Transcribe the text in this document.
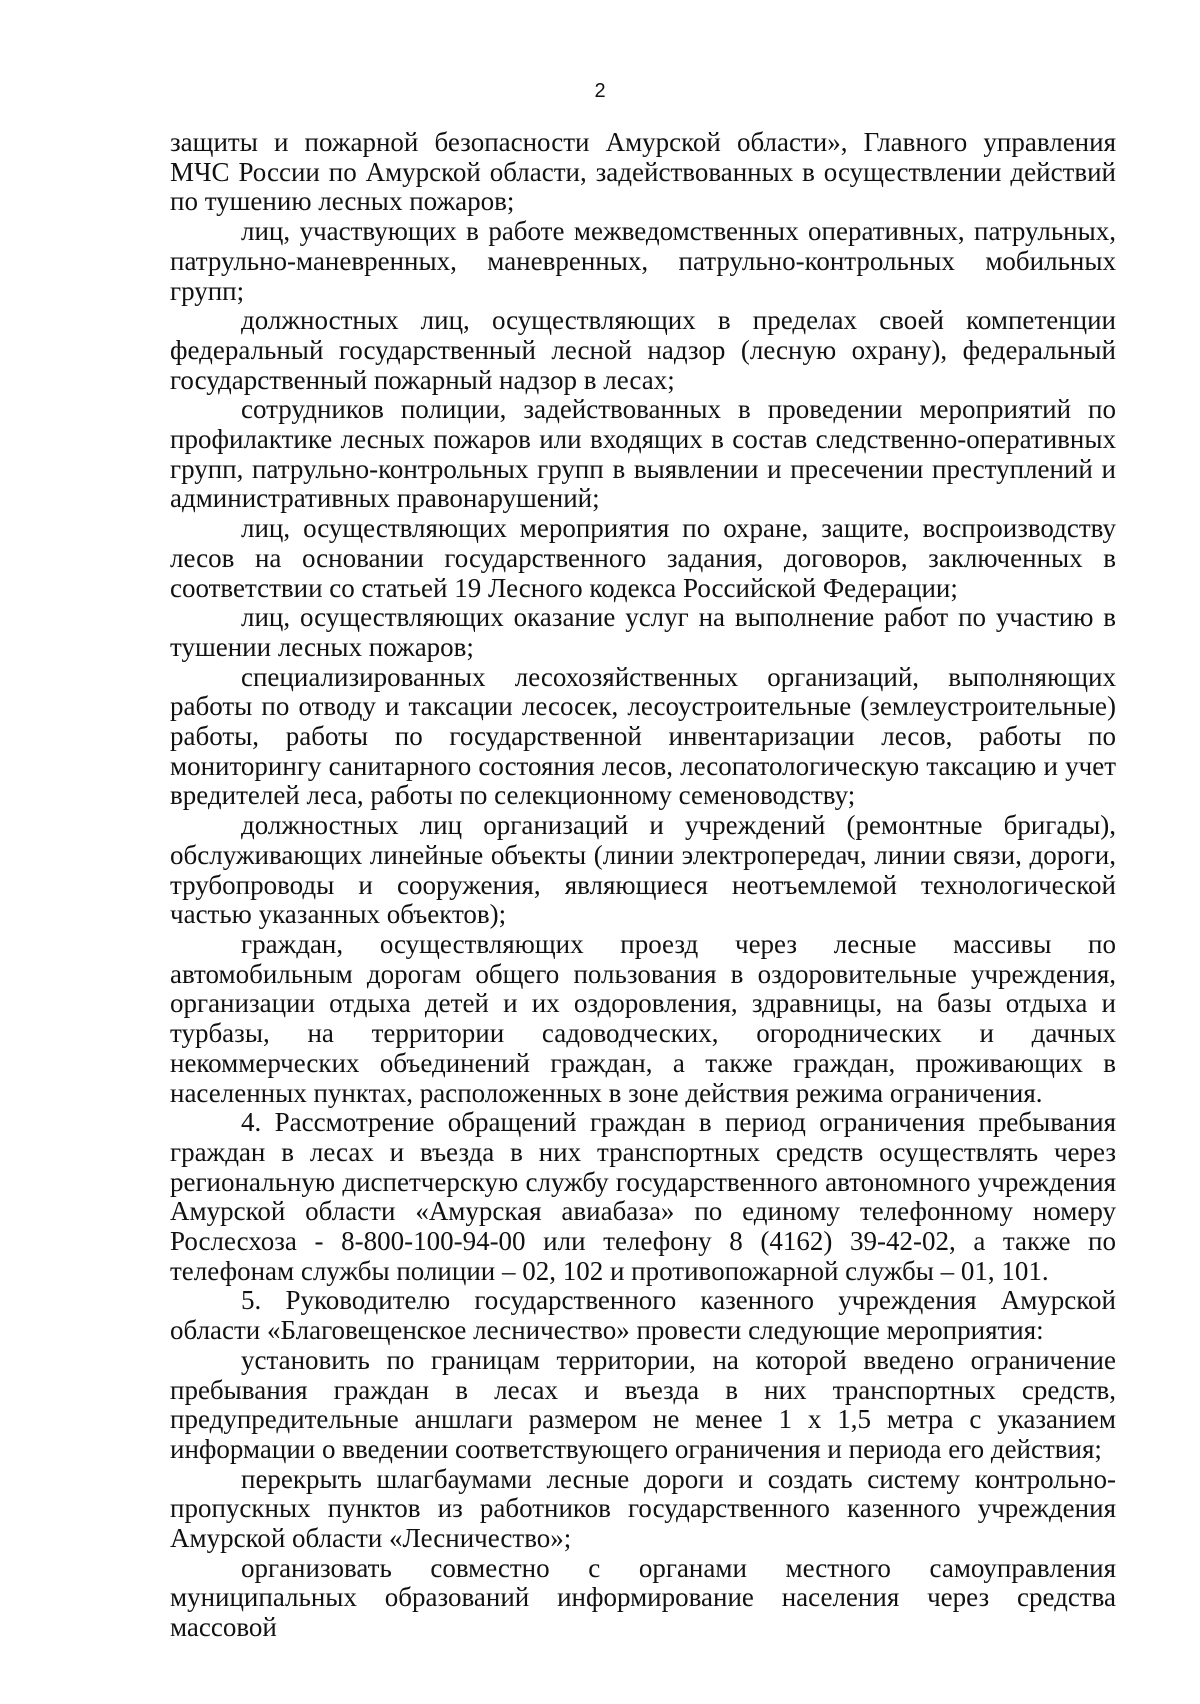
2

защиты и пожарной безопасности Амурской области», Главного управления МЧС России по Амурской области, задействованных в осуществлении действий по тушению лесных пожаров;

лиц, участвующих в работе межведомственных оперативных, патрульных, патрульно-маневренных, маневренных, патрульно-контрольных мобильных групп;

должностных лиц, осуществляющих в пределах своей компетенции федеральный государственный лесной надзор (лесную охрану), федеральный государственный пожарный надзор в лесах;

сотрудников полиции, задействованных в проведении мероприятий по профилактике лесных пожаров или входящих в состав следственно-оперативных групп, патрульно-контрольных групп в выявлении и пресечении преступлений и административных правонарушений;

лиц, осуществляющих мероприятия по охране, защите, воспроизводству лесов на основании государственного задания, договоров, заключенных в соответствии со статьей 19 Лесного кодекса Российской Федерации;

лиц, осуществляющих оказание услуг на выполнение работ по участию в тушении лесных пожаров;

специализированных лесохозяйственных организаций, выполняющих работы по отводу и таксации лесосек, лесоустроительные (землеустроительные) работы, работы по государственной инвентаризации лесов, работы по мониторингу санитарного состояния лесов, лесопатологическую таксацию и учет вредителей леса, работы по селекционному семеноводству;

должностных лиц организаций и учреждений (ремонтные бригады), обслуживающих линейные объекты (линии электропередач, линии связи, дороги, трубопроводы и сооружения, являющиеся неотъемлемой технологической частью указанных объектов);

граждан, осуществляющих проезд через лесные массивы по автомобильным дорогам общего пользования в оздоровительные учреждения, организации отдыха детей и их оздоровления, здравницы, на базы отдыха и турбазы, на территории садоводческих, огороднических и дачных некоммерческих объединений граждан, а также граждан, проживающих в населенных пунктах, расположенных в зоне действия режима ограничения.

4. Рассмотрение обращений граждан в период ограничения пребывания граждан в лесах и въезда в них транспортных средств осуществлять через региональную диспетчерскую службу государственного автономного учреждения Амурской области «Амурская авиабаза» по единому телефонному номеру Рослесхоза - 8-800-100-94-00 или телефону 8 (4162) 39-42-02, а также по телефонам службы полиции – 02, 102 и противопожарной службы – 01, 101.

5. Руководителю государственного казенного учреждения Амурской области «Благовещенское лесничество» провести следующие мероприятия:

установить по границам территории, на которой введено ограничение пребывания граждан в лесах и въезда в них транспортных средств, предупредительные аншлаги размером не менее 1 х 1,5 метра с указанием информации о введении соответствующего ограничения и периода его действия;

перекрыть шлагбаумами лесные дороги и создать систему контрольно-пропускных пунктов из работников государственного казенного учреждения Амурской области «Лесничество»;

организовать совместно с органами местного самоуправления муниципальных образований информирование населения через средства массовой
